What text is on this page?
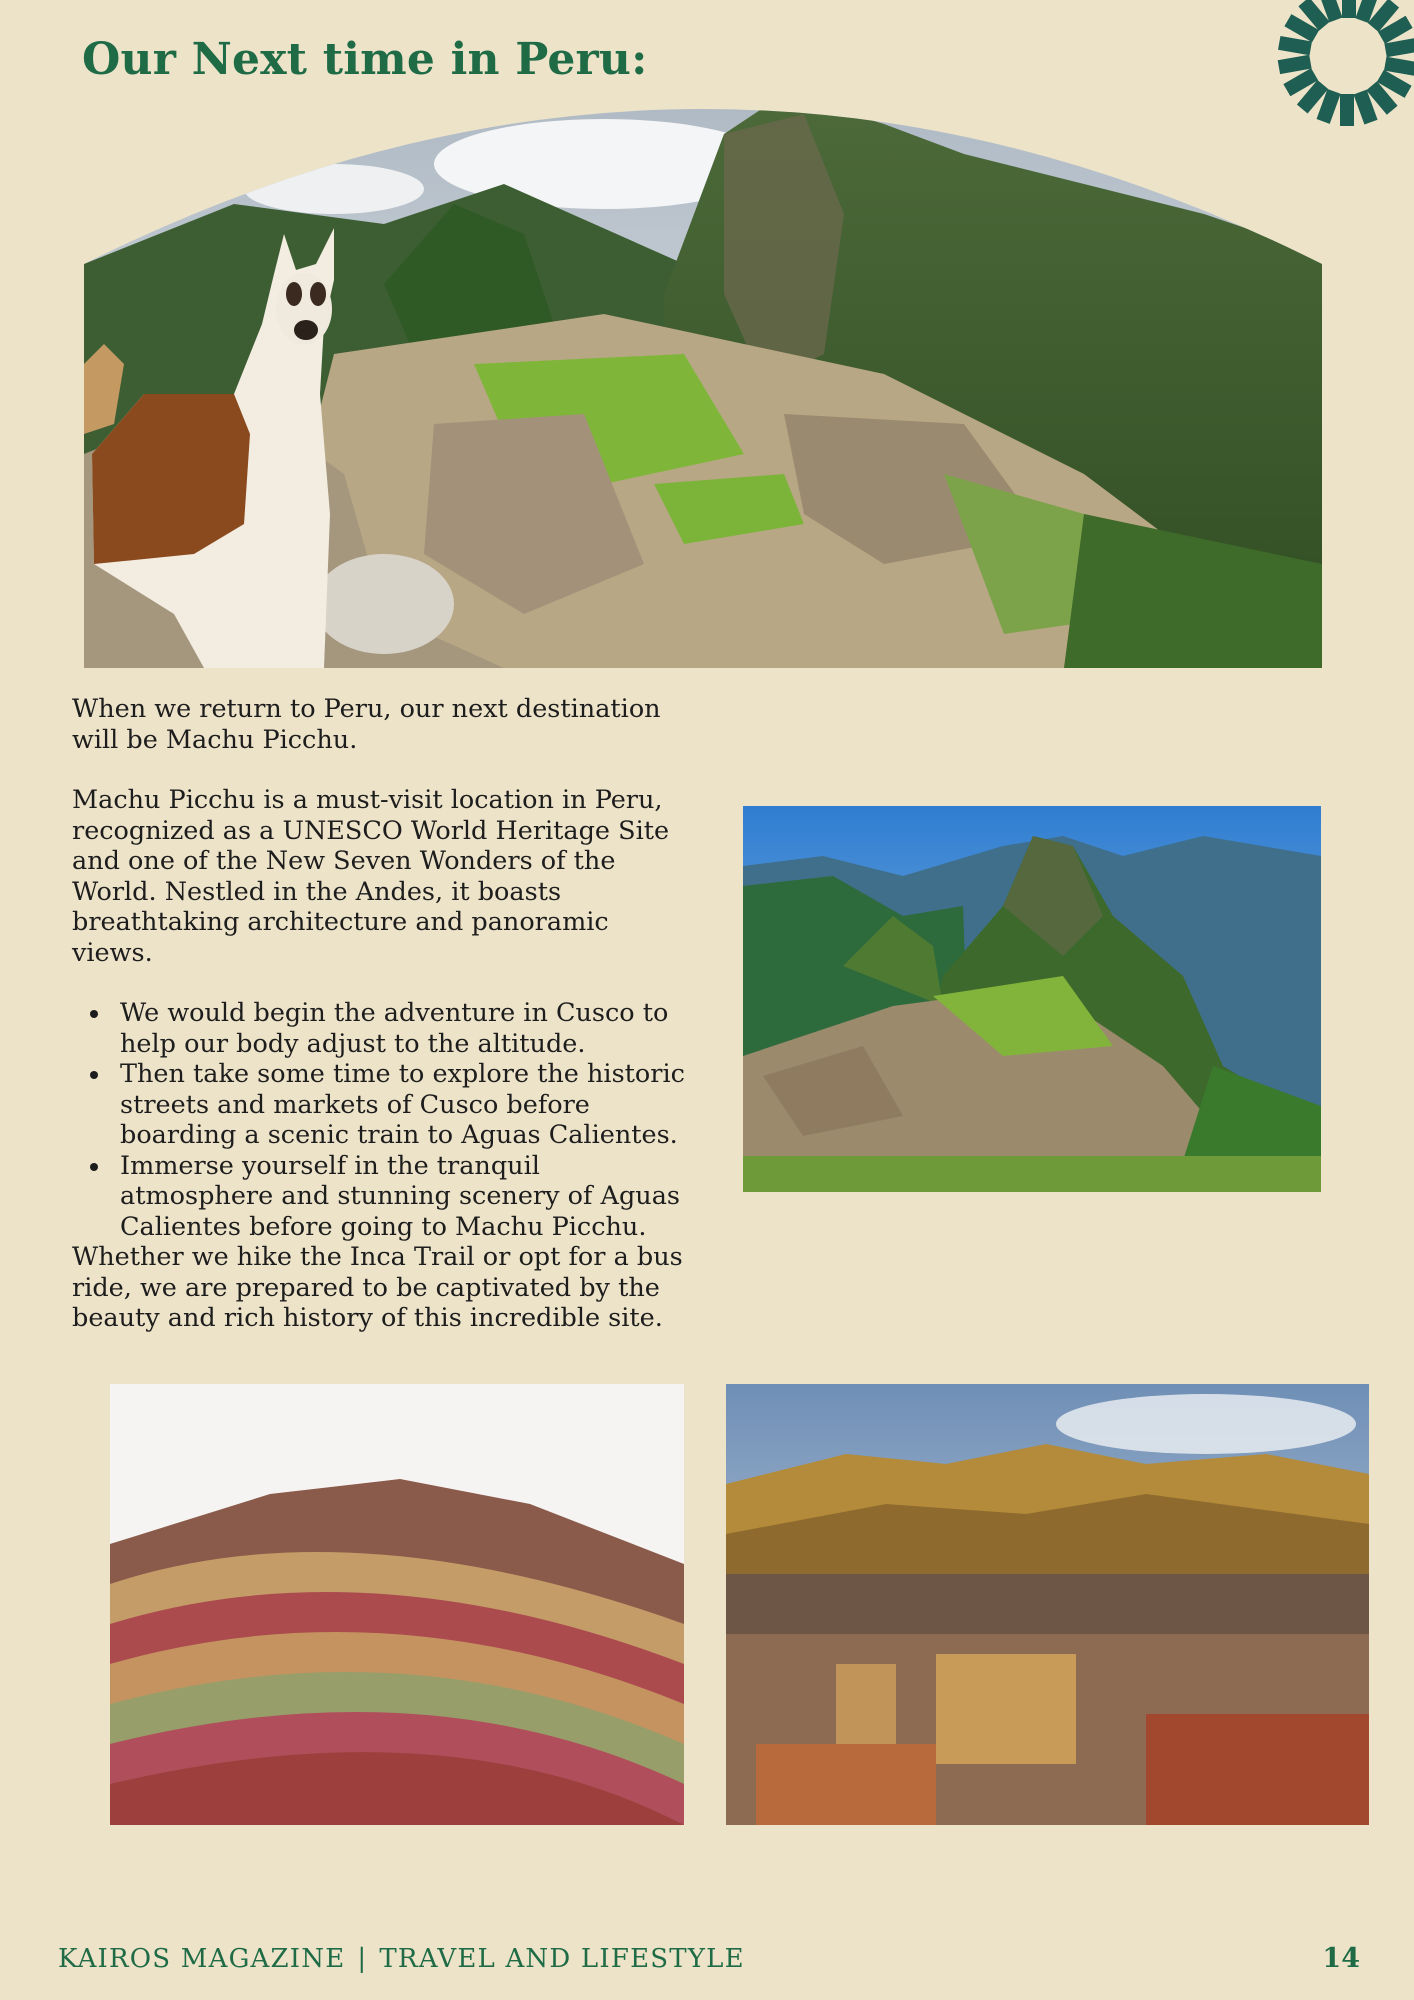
Our Next time in Peru:

When we return to Peru, our next destination will be Machu Picchu.

Machu Picchu is a must-visit location in Peru, recognized as a UNESCO World Heritage Site and one of the New Seven Wonders of the World. Nestled in the Andes, it boasts breathtaking architecture and panoramic views.

We would begin the adventure in Cusco to help our body adjust to the altitude.
Then take some time to explore the historic streets and markets of Cusco before boarding a scenic train to Aguas Calientes.
Immerse yourself in the tranquil atmosphere and stunning scenery of Aguas Calientes before going to Machu Picchu.

Whether we hike the Inca Trail or opt for a bus ride, we are prepared to be captivated by the beauty and rich history of this incredible site.

KAIROS MAGAZINE | TRAVEL AND LIFESTYLE	14
